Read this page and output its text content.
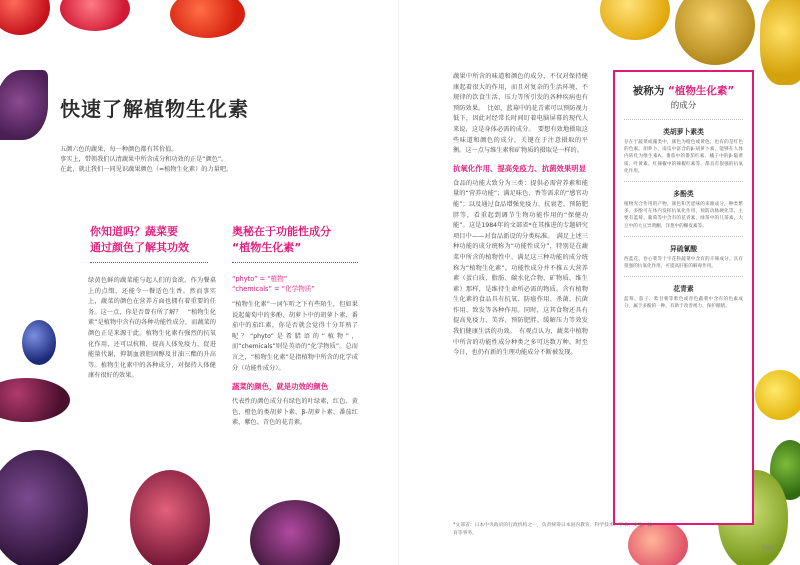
快速了解植物生化素

五颜六色的蔬果，每一种颜色都有其价值。

事实上，带领我们认清蔬果中所含成分和功效的正是“颜色”。

在此，就让我们一同见识蔬果颜色（=植物生化素）的力量吧。

你知道吗？蔬菜要
通过颜色了解其功效
绿黄色鲜的蔬菜能与起人们的食欲，作为餐桌上的点缀，还能令一餐适色生香。然而事实上，蔬菜的颜色在营养方面也拥有着重要的任务。这一点，你是否曾有所了解？　“植物生化素”是植物中含有的各种功能性成分，而蔬菜的颜色正是来源于此。植物生化素有强烈的抗氧化作用，还可以杭粮，提高人体免疫力，促进能量代谢，抑制血液胆固醇及甘油三酯的升高等。植物生化素中的各种成分，对保持人体健康有很好的效果。
奥秘在于功能性成分
“植物生化素”
“phyto” = “植物”
“chemicals” = “化学物质”
“植物生化素”一词乍听之下有些陌生，但如果说起葡萄中的多酚、胡萝卜中的胡萝卜素、番茄中的茄红素，你是否就会觉得十分耳熟了呢？“phyto”是希腊语的“植物”，而“chemicals”则是英语的“化学物质”。总而言之，“植物生化素”是指植物中所含的化学成分（功能性成分）。
蔬菜的颜色，就是功效的颜色
代表性的颜色成分有绿色的叶绿素，红色、黄色、橙色的类胡萝卜素、β-胡萝卜素、番茄红素，紫色、青色的花青素。
蔬果中所含的味道和颜色的成分，不仅对保持健康起着很大的作用，而且对复杂的生活环境、不规律的饮食生活、压力等所引发的各种疾病也有预防效果。　比如，蓝莓中的花青素可以预防视力低下，因此对经常长时间盯着电脑屏幕的现代人来说，这是身体必需的成分。　要想有效地摄取这些味道和颜色的成分，关键在于注意摄取的平衡。这一点与维生素和矿物质的摄取是一样的。
抗氧化作用、提高免疫力、抗菌效果明显
食品的功能大致分为三类：提供必需营养素和能量的“营养功能”；满足味色、香等需求的“感官功能”；以及通过食品增强免疫力、抗衰老、预防肥胖等，看重起到调节生物功能作用的“保健功能”。这是1984年的文部省*在其推进的专题研究项目中——对食品新设的分类标准。　满足上述三种功能的成分统称为“功能性成分”，特别是在蔬菜中所含的植物性中，满足这三种功能的成分统称为“植物生化素”。功能性成分并不推五大营养素（蛋白质、脂肪、碳水化合物、矿物质、维生素）那样，是维持生命所必需的物质。含有植物生化素的食品具有抗氧、防癌作用、杀菌、抗菌作用、致发等各种作用。同时，这其食物还具有提高免疫力、美容、预防肥胖、缓解压力等效发我们健康生活的功效。　有观点认为，蔬菜中植物中所含的功能性成分种类之多可达数万种。时至今日，也仍有新的生理功能成分不断被发现。
被称为 “植物生化素”
的成分
类胡萝卜素类
存在于蔬菜或藻类中，颜色为橙色或黄色，也有的是红色的色素。胡萝卜、南瓜中富含的β-胡萝卜素，能够在人体内转化为维生素A。番茄中的番茄红素、橘子中的β-隐黄质、叶黄素、红辣椒中的辣椒红素等，都具有很强的抗氧化作用。
多酚类
植物光合作用的产物，颜色和苦涩味的来源成分，种类繁多。多酚可在体内发挥抗氧化作用，预防动脉硬化等。主要有蓝莓、葡萄等中含有的花青素，绿茶中的儿茶素，大豆中的大豆异黄酮，洋葱中的槲皮素等。
异硫氰酸
西蓝花、卷心菜等十字花科蔬菜中含有的辛辣成分。具有很强的抗氧化作用，可提高肝脏的解毒作用。
花青素
蓝莓、茄子、紫甘薯等紫色或青色蔬菜中含有的色素成分，属于多酚的一种。有助于改善视力、保护眼睛。
*文部省：日本中央政府的行政机构之一，负责统筹日本国内教育、科学技术、学术、文化、体育等事务。
003
